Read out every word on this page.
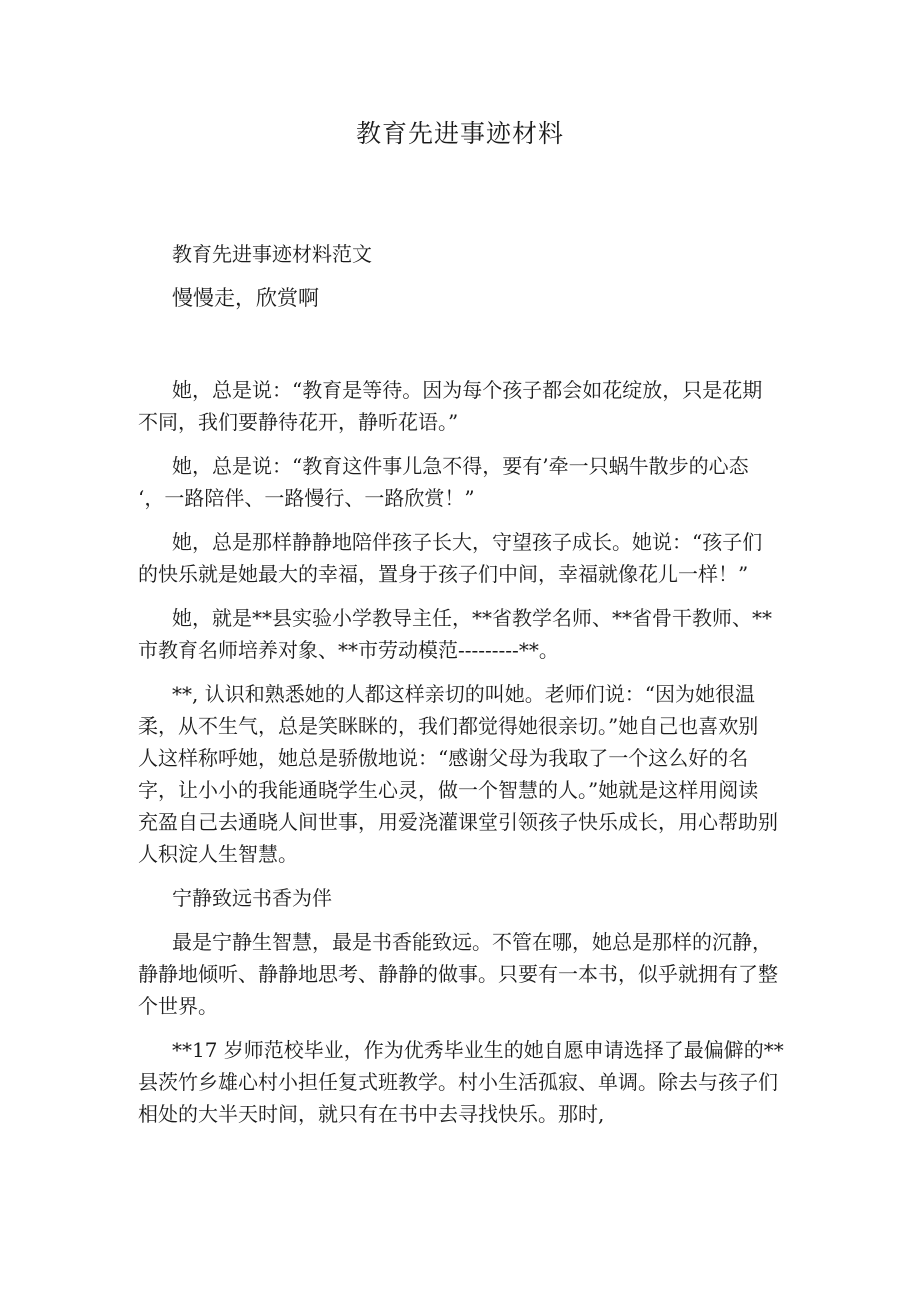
教育先进事迹材料

教育先进事迹材料范文

慢慢走，欣赏啊

她，总是说：“教育是等待。因为每个孩子都会如花绽放，只是花期

不同，我们要静待花开，静听花语。”

她，总是说：“教育这件事儿急不得，要有’牵一只蜗牛散步的心态

‘，一路陪伴、一路慢行、一路欣赏！”

她，总是那样静静地陪伴孩子长大，守望孩子成长。她说：“孩子们

的快乐就是她最大的幸福，置身于孩子们中间，幸福就像花儿一样！”

她，就是**县实验小学教导主任，**省教学名师、**省骨干教师、**

市教育名师培养对象、**市劳动模范---------**。

**, 认识和熟悉她的人都这样亲切的叫她。老师们说：“因为她很温

柔，从不生气，总是笑眯眯的，我们都觉得她很亲切。”她自己也喜欢别

人这样称呼她，她总是骄傲地说：“感谢父母为我取了一个这么好的名

字，让小小的我能通晓学生心灵，做一个智慧的人。”她就是这样用阅读

充盈自己去通晓人间世事，用爱浇灌课堂引领孩子快乐成长，用心帮助别

人积淀人生智慧。

宁静致远书香为伴

最是宁静生智慧，最是书香能致远。不管在哪，她总是那样的沉静，

静静地倾听、静静地思考、静静的做事。只要有一本书，似乎就拥有了整

个世界。

**17 岁师范校毕业，作为优秀毕业生的她自愿申请选择了最偏僻的**

县茨竹乡雄心村小担任复式班教学。村小生活孤寂、单调。除去与孩子们

相处的大半天时间，就只有在书中去寻找快乐。那时,
